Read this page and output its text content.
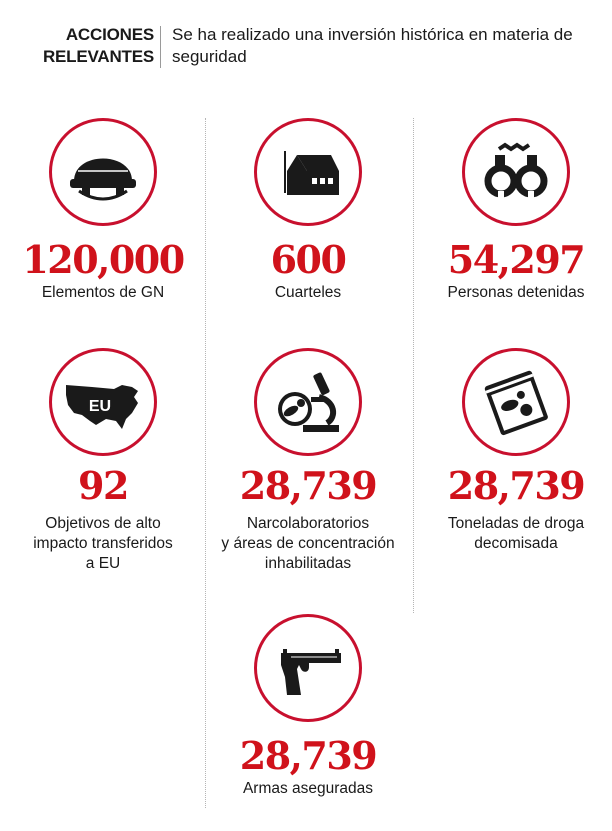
ACCIONES
RELEVANTES
Se ha realizado una inversión histórica en materia de seguridad
120,000
Elementos de GN
600
Cuarteles
54,297
Personas detenidas
EU
92
Objetivos de alto
impacto transferidos
a EU
28,739
Narcolaboratorios
y áreas de concentración
inhabilitadas
28,739
Toneladas de droga
decomisada
28,739
Armas aseguradas
